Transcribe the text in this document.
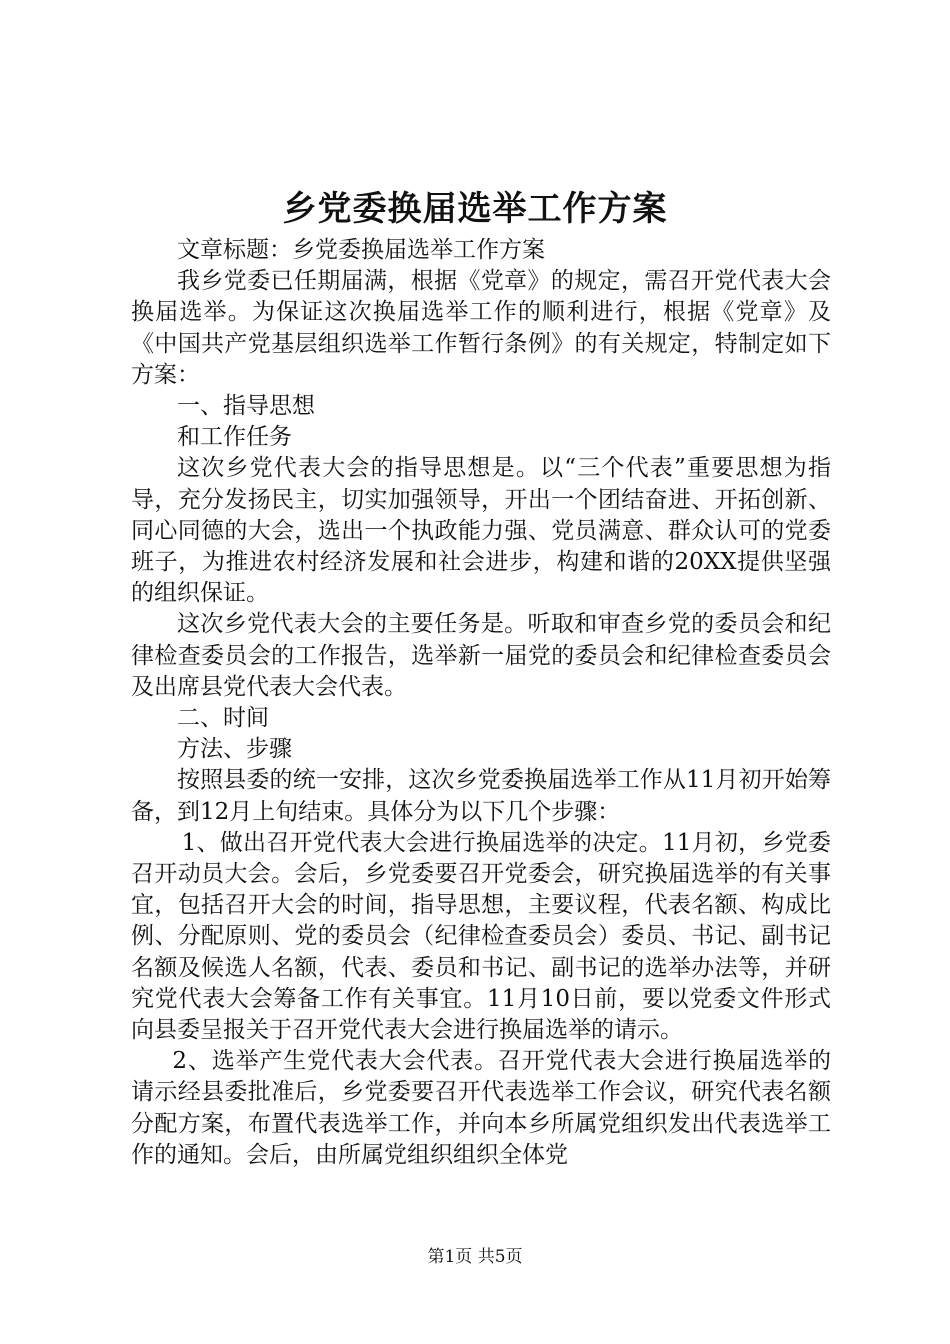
乡党委换届选举工作方案

文章标题：乡党委换届选举工作方案

我乡党委已任期届满，根据《党章》的规定，需召开党代表大会换届选举。为保证这次换届选举工作的顺利进行，根据《党章》及《中国共产党基层组织选举工作暂行条例》的有关规定，特制定如下方案：

一、指导思想

和工作任务

这次乡党代表大会的指导思想是。以“三个代表”重要思想为指导，充分发扬民主，切实加强领导，开出一个团结奋进、开拓创新、同心同德的大会，选出一个执政能力强、党员满意、群众认可的党委班子，为推进农村经济发展和社会进步，构建和谐的20XX提供坚强的组织保证。

这次乡党代表大会的主要任务是。听取和审查乡党的委员会和纪律检查委员会的工作报告，选举新一届党的委员会和纪律检查委员会及出席县党代表大会代表。

二、时间

方法、步骤

按照县委的统一安排，这次乡党委换届选举工作从11月初开始筹备，到12月上旬结束。具体分为以下几个步骤：

1、做出召开党代表大会进行换届选举的决定。11月初，乡党委召开动员大会。会后，乡党委要召开党委会，研究换届选举的有关事宜，包括召开大会的时间，指导思想，主要议程，代表名额、构成比例、分配原则、党的委员会（纪律检查委员会）委员、书记、副书记名额及候选人名额，代表、委员和书记、副书记的选举办法等，并研究党代表大会筹备工作有关事宜。11月10日前，要以党委文件形式向县委呈报关于召开党代表大会进行换届选举的请示。

2、选举产生党代表大会代表。召开党代表大会进行换届选举的请示经县委批准后，乡党委要召开代表选举工作会议，研究代表名额分配方案，布置代表选举工作，并向本乡所属党组织发出代表选举工作的通知。会后，由所属党组织组织全体党

第1页 共5页
